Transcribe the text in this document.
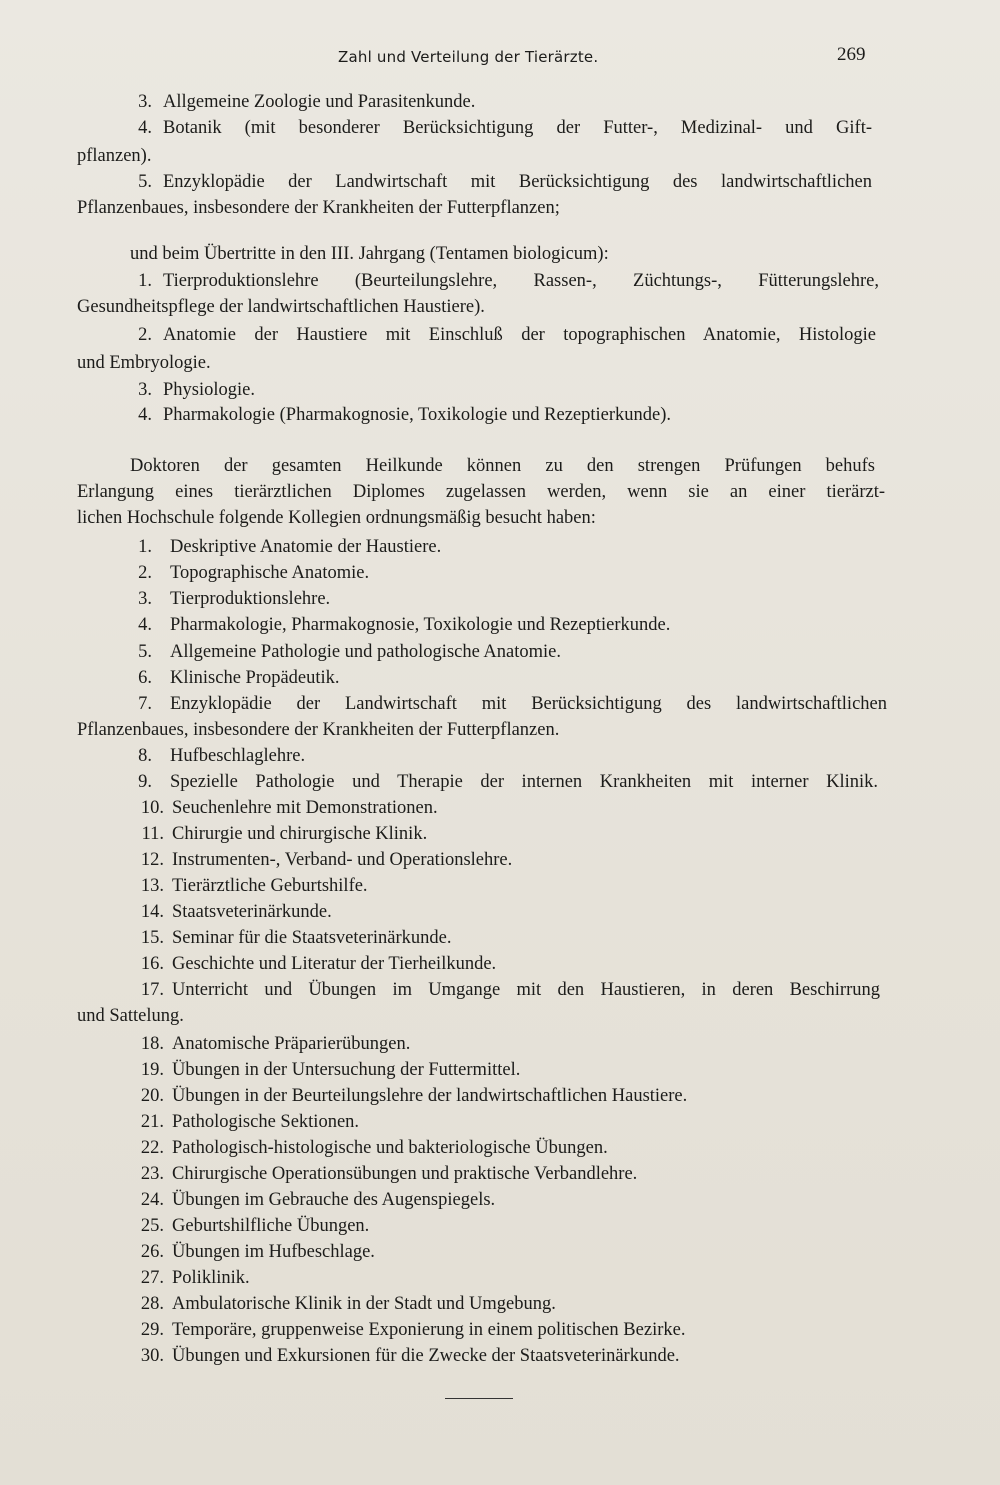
Zahl und Verteilung der Tierärzte.	269
3. Allgemeine Zoologie und Parasitenkunde.
4. Botanik (mit besonderer Berücksichtigung der Futter-, Medizinal- und Gift-
pflanzen).
5. Enzyklopädie der Landwirtschaft mit Berücksichtigung des landwirtschaftlichen
Pflanzenbaues, insbesondere der Krankheiten der Futterpflanzen;
und beim Übertritte in den III. Jahrgang (Tentamen biologicum):
1. Tierproduktionslehre (Beurteilungslehre, Rassen-, Züchtungs-, Fütterungslehre,
Gesundheitspflege der landwirtschaftlichen Haustiere).
2. Anatomie der Haustiere mit Einschluß der topographischen Anatomie, Histologie
und Embryologie.
3. Physiologie.
4. Pharmakologie (Pharmakognosie, Toxikologie und Rezeptierkunde).
Doktoren der gesamten Heilkunde können zu den strengen Prüfungen behufs
Erlangung eines tierärztlichen Diplomes zugelassen werden, wenn sie an einer tierärzt-
lichen Hochschule folgende Kollegien ordnungsmäßig besucht haben:
1. Deskriptive Anatomie der Haustiere.
2. Topographische Anatomie.
3. Tierproduktionslehre.
4. Pharmakologie, Pharmakognosie, Toxikologie und Rezeptierkunde.
5. Allgemeine Pathologie und pathologische Anatomie.
6. Klinische Propädeutik.
7. Enzyklopädie der Landwirtschaft mit Berücksichtigung des landwirtschaftlichen
Pflanzenbaues, insbesondere der Krankheiten der Futterpflanzen.
8. Hufbeschlaglehre.
9. Spezielle Pathologie und Therapie der internen Krankheiten mit interner Klinik.
10. Seuchenlehre mit Demonstrationen.
11. Chirurgie und chirurgische Klinik.
12. Instrumenten-, Verband- und Operationslehre.
13. Tierärztliche Geburtshilfe.
14. Staatsveterinärkunde.
15. Seminar für die Staatsveterinärkunde.
16. Geschichte und Literatur der Tierheilkunde.
17. Unterricht und Übungen im Umgange mit den Haustieren, in deren Beschirrung
und Sattelung.
18. Anatomische Präparierübungen.
19. Übungen in der Untersuchung der Futtermittel.
20. Übungen in der Beurteilungslehre der landwirtschaftlichen Haustiere.
21. Pathologische Sektionen.
22. Pathologisch-histologische und bakteriologische Übungen.
23. Chirurgische Operationsübungen und praktische Verbandlehre.
24. Übungen im Gebrauche des Augenspiegels.
25. Geburtshilfliche Übungen.
26. Übungen im Hufbeschlage.
27. Poliklinik.
28. Ambulatorische Klinik in der Stadt und Umgebung.
29. Temporäre, gruppenweise Exponierung in einem politischen Bezirke.
30. Übungen und Exkursionen für die Zwecke der Staatsveterinärkunde.
